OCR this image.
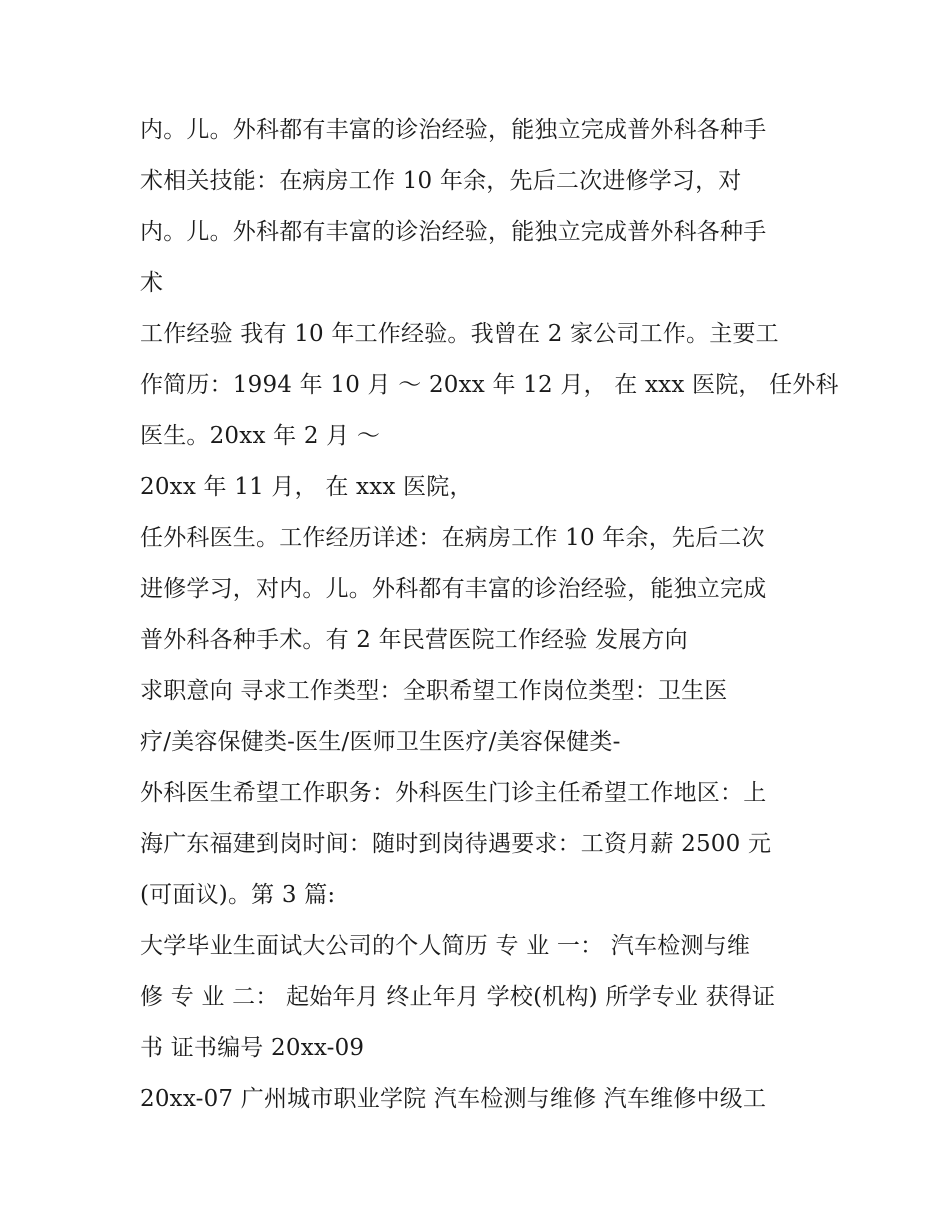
内。儿。外科都有丰富的诊治经验，能独立完成普外科各种手

术相关技能：在病房工作 10 年余，先后二次进修学习，对

内。儿。外科都有丰富的诊治经验，能独立完成普外科各种手

术

工作经验 我有 10 年工作经验。我曾在 2 家公司工作。主要工

作简历：1994 年 10 月 ～ 20xx 年 12 月， 在 xxx 医院， 任外科

医生。20xx 年 2 月 ～

20xx 年 11 月， 在 xxx 医院，

任外科医生。工作经历详述：在病房工作 10 年余，先后二次

进修学习，对内。儿。外科都有丰富的诊治经验，能独立完成

普外科各种手术。有 2 年民营医院工作经验 发展方向

求职意向 寻求工作类型：全职希望工作岗位类型：卫生医

疗/美容保健类-医生/医师卫生医疗/美容保健类-

外科医生希望工作职务：外科医生门诊主任希望工作地区：上

海广东福建到岗时间：随时到岗待遇要求：工资月薪 2500 元

(可面议)。第 3 篇:

大学毕业生面试大公司的个人简历 专 业 一： 汽车检测与维

修 专 业 二： 起始年月 终止年月 学校(机构) 所学专业 获得证

书 证书编号 20xx-09

20xx-07 广州城市职业学院 汽车检测与维修 汽车维修中级工
